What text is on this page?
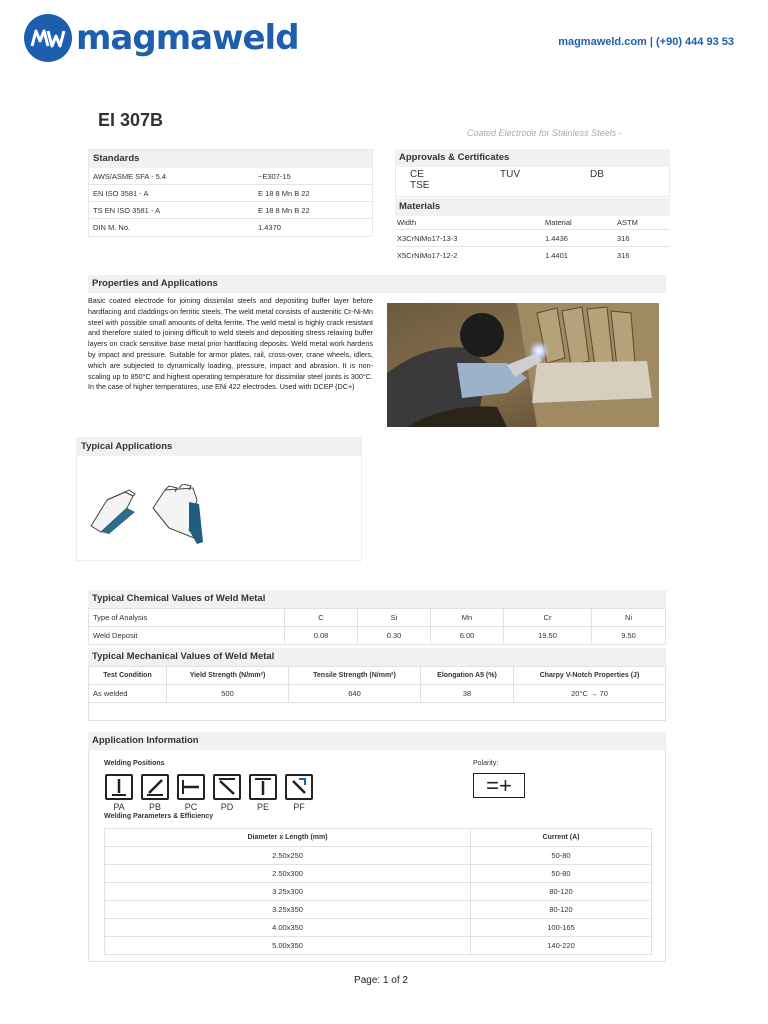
magmaweld	magmaweld.com | (+90) 444 93 53
EI 307B
Coated Electrode for Stainless Steels -
Standards
AWS/ASME SFA - 5.4	~E307-15
EN ISO 3581 - A	E 18 8 Mn B 22
TS EN ISO 3581 - A	E 18 8 Mn B 22
DIN M. No.	1.4370
Approvals & Certificates
CE	TUV	DB
TSE
Materials
Width	Material	ASTM
X3CrNiMo17-13-3	1.4436	316
X5CrNiMo17-12-2	1.4401	316
Properties and Applications
Basic coated electrode for joining dissimilar steels and depositing buffer layer before hardfacing and claddings on ferritic steels. The weld metal consists of austenitic Cr-Ni-Mn steel with possible small amounts of delta ferrite. The weld metal is highly crack resistant and therefore suited to joining difficult to weld steels and depositing stress relaxing buffer layers on crack sensitive base metal prior hardfacing deposits. Weld metal work hardens by impact and pressure. Suitable for armor plates, rail, cross-over, crane wheels, idlers, which are subjected to dynamically loading, pressure, impact and abrasion. It is non-scaling up to 850°C and highest operating temperature for dissimilar steel joints is 300°C. In the case of higher temperatures, use ENi 422 electrodes. Used with DCEP (DC+)
Typical Applications
Typical Chemical Values of Weld Metal
Type of Analysis	C	Si	Mn	Cr	Ni
Weld Deposit	0.08	0.30	6.00	19.50	9.50
Typical Mechanical Values of Weld Metal
Test Condition	Yield Strength (N/mm²)	Tensile Strength (N/mm²)	Elongation A5 (%)	Charpy V-Notch Properties (J)
As welded	500	640	38	20°C → 70

Application Information
Welding Positions
PA	PB	PC	PD	PE	PF
Polarity:
=+
Welding Parameters & Efficiency
Diameter x Length (mm)	Current (A)
2.50x250	50-80
2.50x300	50-80
3.25x300	80-120
3.25x350	80-120
4.00x350	100-165
5.00x350	140-220
Page: 1 of 2
